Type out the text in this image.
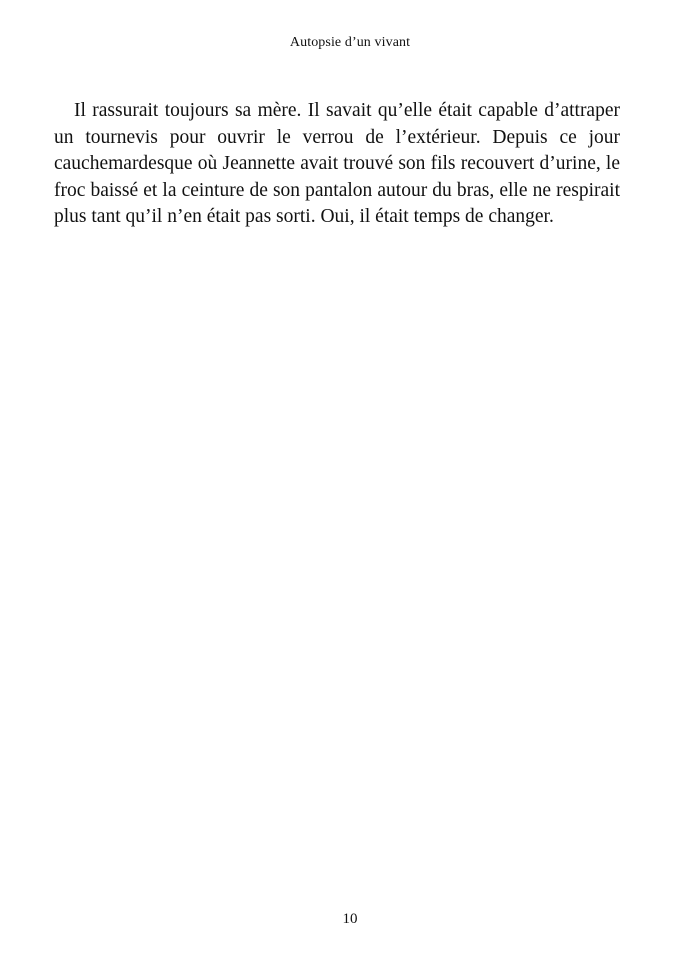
Autopsie d’un vivant

Il rassurait toujours sa mère. Il savait qu’elle était capable d’attraper un tournevis pour ouvrir le verrou de l’extérieur. Depuis ce jour cauchemardesque où Jeannette avait trouvé son fils recouvert d’urine, le froc baissé et la ceinture de son pantalon autour du bras, elle ne respirait plus tant qu’il n’en était pas sorti. Oui, il était temps de changer.

10
